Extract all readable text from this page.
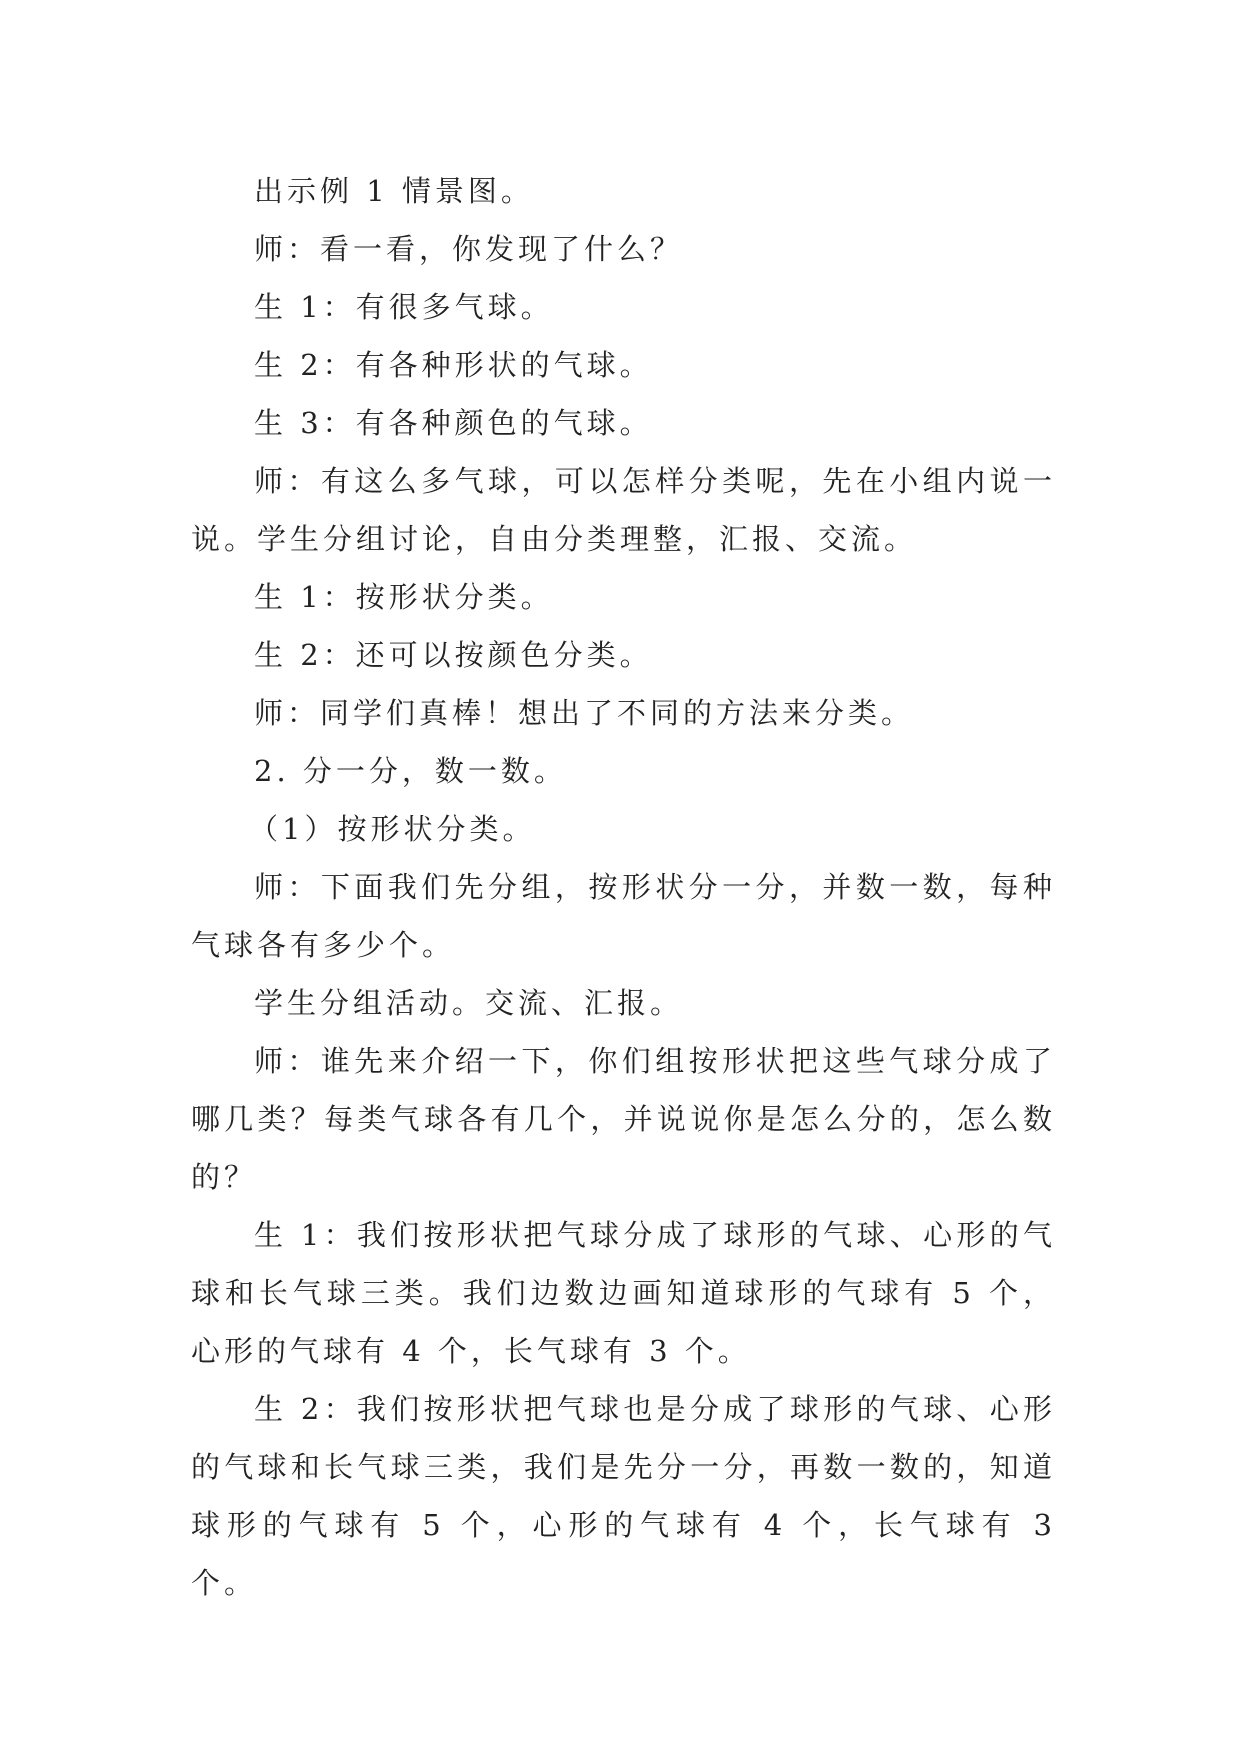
出示例 1 情景图。

师：看一看，你发现了什么？

生 1：有很多气球。

生 2：有各种形状的气球。

生 3：有各种颜色的气球。

师：有这么多气球，可以怎样分类呢，先在小组内说一说。学生分组讨论，自由分类理整，汇报、交流。

生 1：按形状分类。

生 2：还可以按颜色分类。

师：同学们真棒！想出了不同的方法来分类。

2. 分一分，数一数。

（1）按形状分类。

师：下面我们先分组，按形状分一分，并数一数，每种气球各有多少个。

学生分组活动。交流、汇报。

师：谁先来介绍一下，你们组按形状把这些气球分成了哪几类？每类气球各有几个，并说说你是怎么分的，怎么数的？

生 1：我们按形状把气球分成了球形的气球、心形的气球和长气球三类。我们边数边画知道球形的气球有 5 个，心形的气球有 4 个，长气球有 3 个。

生 2：我们按形状把气球也是分成了球形的气球、心形的气球和长气球三类，我们是先分一分，再数一数的，知道球形的气球有 5 个，心形的气球有 4 个，长气球有 3 个。
